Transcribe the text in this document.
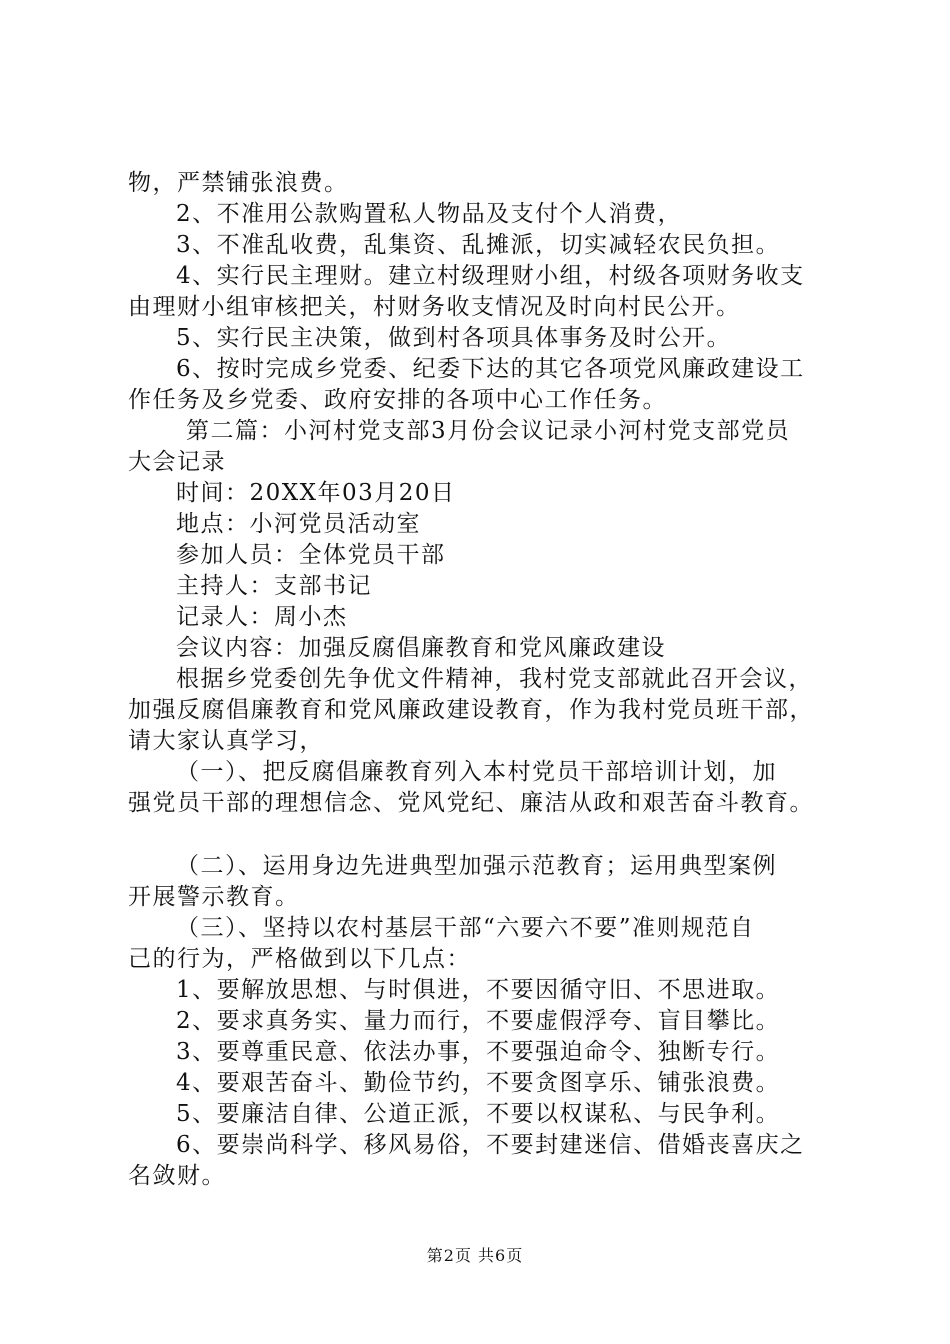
物，严禁铺张浪费。
2、不准用公款购置私人物品及支付个人消费，
3、不准乱收费，乱集资、乱摊派，切实减轻农民负担。
4、实行民主理财。建立村级理财小组，村级各项财务收支
由理财小组审核把关，村财务收支情况及时向村民公开。
5、实行民主决策，做到村各项具体事务及时公开。
6、按时完成乡党委、纪委下达的其它各项党风廉政建设工
作任务及乡党委、政府安排的各项中心工作任务。
第二篇：小河村党支部3月份会议记录小河村党支部党员
大会记录
时间：20XX年03月20日
地点：小河党员活动室
参加人员：全体党员干部
主持人：支部书记
记录人：周小杰
会议内容：加强反腐倡廉教育和党风廉政建设
根据乡党委创先争优文件精神，我村党支部就此召开会议，
加强反腐倡廉教育和党风廉政建设教育，作为我村党员班干部，
请大家认真学习，
（一）、把反腐倡廉教育列入本村党员干部培训计划，加
强党员干部的理想信念、党风党纪、廉洁从政和艰苦奋斗教育。
（二）、运用身边先进典型加强示范教育；运用典型案例
开展警示教育。
（三）、坚持以农村基层干部“六要六不要”准则规范自
己的行为，严格做到以下几点：
1、要解放思想、与时俱进，不要因循守旧、不思进取。
2、要求真务实、量力而行，不要虚假浮夸、盲目攀比。
3、要尊重民意、依法办事，不要强迫命令、独断专行。
4、要艰苦奋斗、勤俭节约，不要贪图享乐、铺张浪费。
5、要廉洁自律、公道正派，不要以权谋私、与民争利。
6、要崇尚科学、移风易俗，不要封建迷信、借婚丧喜庆之
名敛财。
第2页 共6页
